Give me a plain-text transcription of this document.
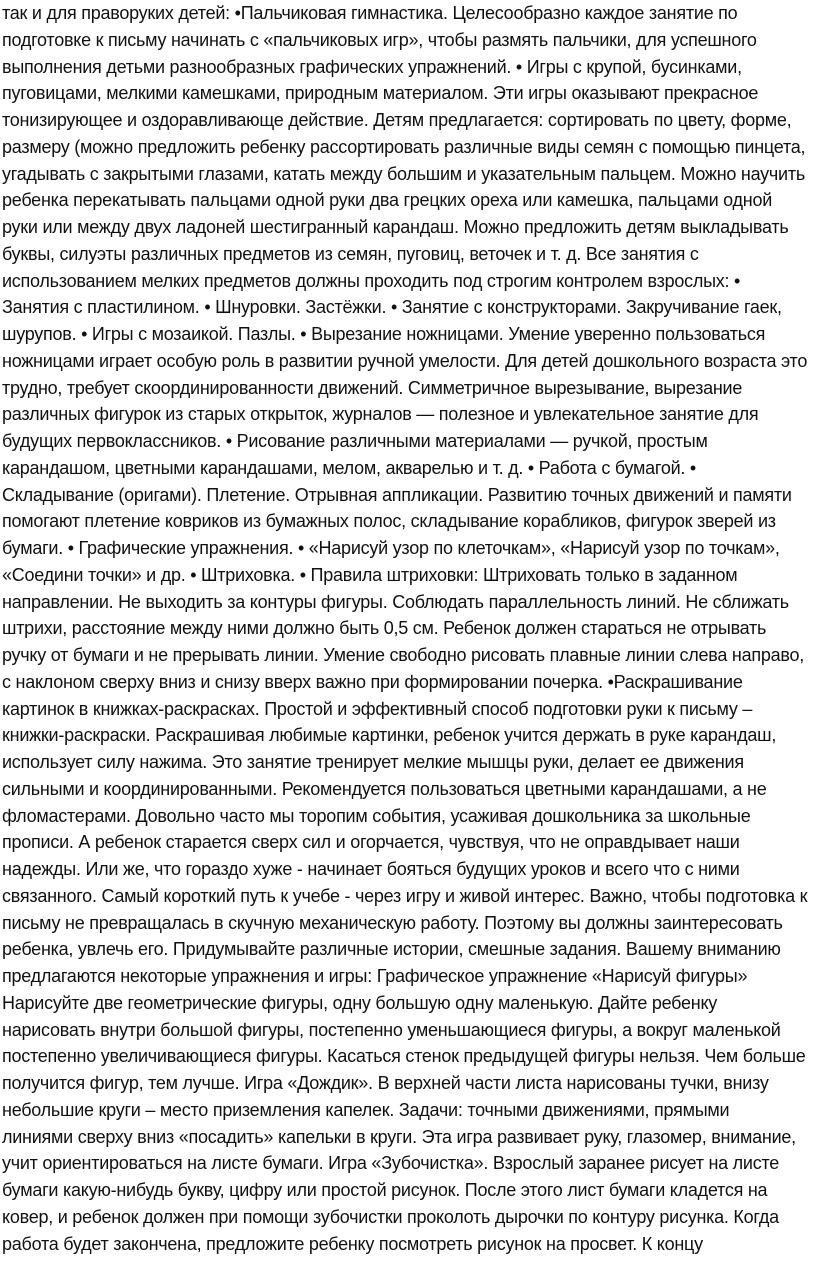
так и для праворуких детей: •Пальчиковая гимнастика. Целесообразно каждое занятие по
подготовке к письму начинать с «пальчиковых игр», чтобы размять пальчики, для успешного
выполнения детьми разнообразных графических упражнений. • Игры с крупой, бусинками,
пуговицами, мелкими камешками, природным материалом. Эти игры оказывают прекрасное
тонизирующее и оздоравливающе действие. Детям предлагается: сортировать по цвету, форме,
размеру (можно предложить ребенку рассортировать различные виды семян с помощью пинцета,
угадывать с закрытыми глазами, катать между большим и указательным пальцем. Можно научить
ребенка перекатывать пальцами одной руки два грецких ореха или камешка, пальцами одной
руки или между двух ладоней шестигранный карандаш. Можно предложить детям выкладывать
буквы, силуэты различных предметов из семян, пуговиц, веточек и т. д. Все занятия с
использованием мелких предметов должны проходить под строгим контролем взрослых: •
Занятия с пластилином. • Шнуровки. Застёжки. • Занятие с конструкторами. Закручивание гаек,
шурупов. • Игры с мозаикой. Пазлы. • Вырезание ножницами. Умение уверенно пользоваться
ножницами играет особую роль в развитии ручной умелости. Для детей дошкольного возраста это
трудно, требует скоординированности движений. Симметричное вырезывание, вырезание
различных фигурок из старых открыток, журналов — полезное и увлекательное занятие для
будущих первоклассников. • Рисование различными материалами — ручкой, простым
карандашом, цветными карандашами, мелом, акварелью и т. д. • Работа с бумагой. •
Складывание (оригами). Плетение. Отрывная аппликации. Развитию точных движений и памяти
помогают плетение ковриков из бумажных полос, складывание корабликов, фигурок зверей из
бумаги. • Графические упражнения. • «Нарисуй узор по клеточкам», «Нарисуй узор по точкам»,
«Соедини точки» и др. • Штриховка. • Правила штриховки: Штриховать только в заданном
направлении. Не выходить за контуры фигуры. Соблюдать параллельность линий. Не сближать
штрихи, расстояние между ними должно быть 0,5 см. Ребенок должен стараться не отрывать
ручку от бумаги и не прерывать линии. Умение свободно рисовать плавные линии слева направо,
с наклоном сверху вниз и снизу вверх важно при формировании почерка. •Раскрашивание
картинок в книжках-раскрасках. Простой и эффективный способ подготовки руки к письму –
книжки-раскраски. Раскрашивая любимые картинки, ребенок учится держать в руке карандаш,
использует силу нажима. Это занятие тренирует мелкие мышцы руки, делает ее движения
сильными и координированными. Рекомендуется пользоваться цветными карандашами, а не
фломастерами. Довольно часто мы торопим события, усаживая дошкольника за школьные
прописи. А ребенок старается сверх сил и огорчается, чувствуя, что не оправдывает наши
надежды. Или же, что гораздо хуже - начинает бояться будущих уроков и всего что с ними
связанного. Самый короткий путь к учебе - через игру и живой интерес. Важно, чтобы подготовка к
письму не превращалась в скучную механическую работу. Поэтому вы должны заинтересовать
ребенка, увлечь его. Придумывайте различные истории, смешные задания. Вашему вниманию
предлагаются некоторые упражнения и игры: Графическое упражнение «Нарисуй фигуры»
Нарисуйте две геометрические фигуры, одну большую одну маленькую. Дайте ребенку
нарисовать внутри большой фигуры, постепенно уменьшающиеся фигуры, а вокруг маленькой
постепенно увеличивающиеся фигуры. Касаться стенок предыдущей фигуры нельзя. Чем больше
получится фигур, тем лучше. Игра «Дождик». В верхней части листа нарисованы тучки, внизу
небольшие круги – место приземления капелек. Задачи: точными движениями, прямыми
линиями сверху вниз «посадить» капельки в круги. Эта игра развивает руку, глазомер, внимание,
учит ориентироваться на листе бумаги. Игра «Зубочистка». Взрослый заранее рисует на листе
бумаги какую-нибудь букву, цифру или простой рисунок. После этого лист бумаги кладется на
ковер, и ребенок должен при помощи зубочистки проколоть дырочки по контуру рисунка. Когда
работа будет закончена, предложите ребенку посмотреть рисунок на просвет. К концу
